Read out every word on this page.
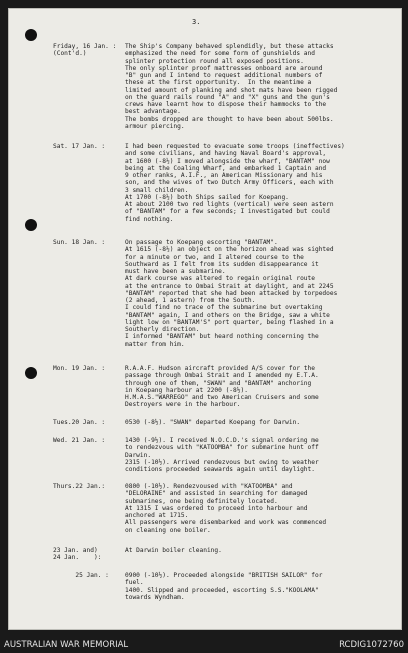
3.
Friday, 16 Jan. :
(Cont'd.)
The Ship's Company behaved splendidly, but these attacks
emphasized the need for some form of gunshields and
splinter protection round all exposed positions.
The only splinter proof mattresses onboard are around
"B" gun and I intend to request additional numbers of
these at the first opportunity.  In the meantime a
limited amount of planking and shot mats have been rigged
on the guard rails round "A" and "X" guns and the gun's
crews have learnt how to dispose their hammocks to the
best advantage.
The bombs dropped are thought to have been about 500lbs.
armour piercing.
Sat. 17 Jan. :	I had been requested to evacuate some troops (ineffectives)
and some civilians, and having Naval Board's approval,
at 1600 (-8½) I moved alongside the wharf, "BANTAM" now
being at the Coaling Wharf, and embarked 1 Captain and
9 other ranks, A.I.F., an American Missionary and his
son, and the wives of two Dutch Army Officers, each with
3 small children.
At 1700 (-8½) both Ships sailed for Koepang.
At about 2100 two red lights (vertical) were seen astern
of "BANTAM" for a few seconds; I investigated but could
find nothing.
Sun. 18 Jan. :	On passage to Koepang escorting "BANTAM".
At 1615 (-8½) an object on the horizon ahead was sighted
for a minute or two, and I altered course to the
Southward as I felt from its sudden disappearance it
must have been a submarine.
At dark course was altered to regain original route
at the entrance to Ombai Strait at daylight, and at 2245
"BANTAM" reported that she had been attacked by torpedoes
(2 ahead, 1 astern) from the South.
I could find no trace of the submarine but overtaking
"BANTAM" again, I and others on the Bridge, saw a white
light low on "BANTAM'S" port quarter, being flashed in a
Southerly direction.
I informed "BANTAM" but heard nothing concerning the
matter from him.
Mon. 19 Jan. :	R.A.A.F. Hudson aircraft provided A/S cover for the
passage through Ombai Strait and I amended my E.T.A.
through one of them, "SWAN" and "BANTAM" anchoring
in Koepang harbour at 2200 (-8½).
H.M.A.S."WARREGO" and two American Cruisers and some
Destroyers were in the harbour.
Tues.20 Jan. :	0530 (-8½). "SWAN" departed Koepang for Darwin.
Wed. 21 Jan. :	1430 (-9½). I received N.O.C.D.'s signal ordering me
to rendezvous with "KATOOMBA" for submarine hunt off
Darwin.
2315 (-10½). Arrived rendezvous but owing to weather
conditions proceeded seawards again until daylight.
Thurs.22 Jan.:	0800 (-10½). Rendezvoused with "KATOOMBA" and
"DELORAINE" and assisted in searching for damaged
submarines, one being definitely located.
At 1315 I was ordered to proceed into harbour and
anchored at 1715.
All passengers were disembarked and work was commenced
on cleaning one boiler.
23 Jan. and)
24 Jan.    ):
At Darwin boiler cleaning.
25 Jan. :	0900 (-10½). Proceeded alongside "BRITISH SAILOR" for
fuel.
1400. Slipped and proceeded, escorting S.S."KOOLAMA"
towards Wyndham.
AUSTRALIAN WAR MEMORIAL	RCDIG1072760
